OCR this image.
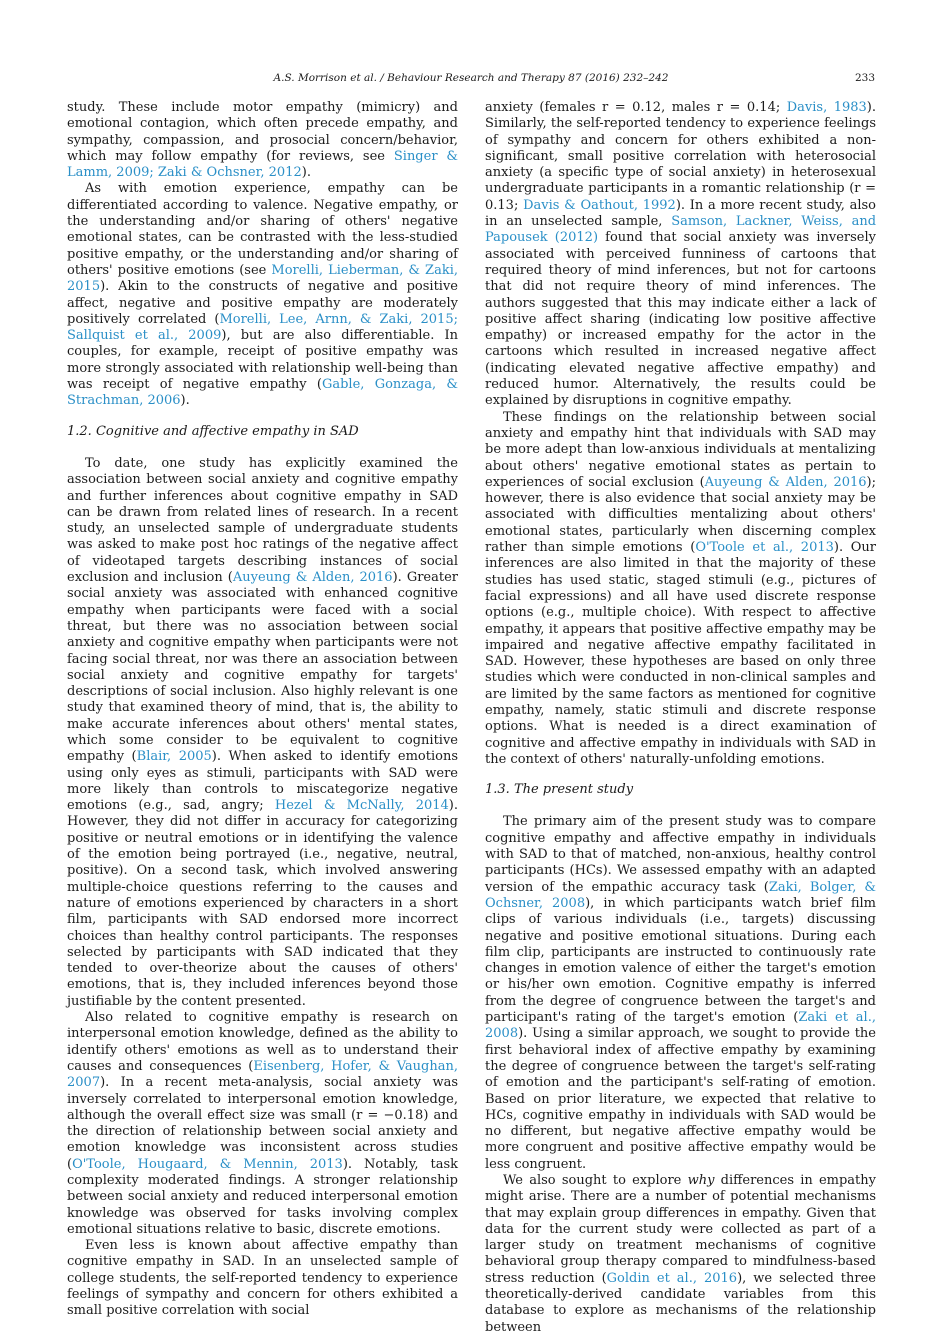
A.S. Morrison et al. / Behaviour Research and Therapy 87 (2016) 232–242	233

study. These include motor empathy (mimicry) and emotional contagion, which often precede empathy, and sympathy, compassion, and prosocial concern/behavior, which may follow empathy (for reviews, see Singer & Lamm, 2009; Zaki & Ochsner, 2012).

As with emotion experience, empathy can be differentiated according to valence. Negative empathy, or the understanding and/or sharing of others' negative emotional states, can be contrasted with the less-studied positive empathy, or the understanding and/or sharing of others' positive emotions (see Morelli, Lieberman, & Zaki, 2015). Akin to the constructs of negative and positive affect, negative and positive empathy are moderately positively correlated (Morelli, Lee, Arnn, & Zaki, 2015; Sallquist et al., 2009), but are also differentiable. In couples, for example, receipt of positive empathy was more strongly associated with relationship well-being than was receipt of negative empathy (Gable, Gonzaga, & Strachman, 2006).

1.2. Cognitive and affective empathy in SAD

To date, one study has explicitly examined the association between social anxiety and cognitive empathy and further inferences about cognitive empathy in SAD can be drawn from related lines of research. In a recent study, an unselected sample of undergraduate students was asked to make post hoc ratings of the negative affect of videotaped targets describing instances of social exclusion and inclusion (Auyeung & Alden, 2016). Greater social anxiety was associated with enhanced cognitive empathy when participants were faced with a social threat, but there was no association between social anxiety and cognitive empathy when participants were not facing social threat, nor was there an association between social anxiety and cognitive empathy for targets' descriptions of social inclusion. Also highly relevant is one study that examined theory of mind, that is, the ability to make accurate inferences about others' mental states, which some consider to be equivalent to cognitive empathy (Blair, 2005). When asked to identify emotions using only eyes as stimuli, participants with SAD were more likely than controls to miscategorize negative emotions (e.g., sad, angry; Hezel & McNally, 2014). However, they did not differ in accuracy for categorizing positive or neutral emotions or in identifying the valence of the emotion being portrayed (i.e., negative, neutral, positive). On a second task, which involved answering multiple-choice questions referring to the causes and nature of emotions experienced by characters in a short film, participants with SAD endorsed more incorrect choices than healthy control participants. The responses selected by participants with SAD indicated that they tended to over-theorize about the causes of others' emotions, that is, they included inferences beyond those justifiable by the content presented.

Also related to cognitive empathy is research on interpersonal emotion knowledge, defined as the ability to identify others' emotions as well as to understand their causes and consequences (Eisenberg, Hofer, & Vaughan, 2007). In a recent meta-analysis, social anxiety was inversely correlated to interpersonal emotion knowledge, although the overall effect size was small (r = −0.18) and the direction of relationship between social anxiety and emotion knowledge was inconsistent across studies (O'Toole, Hougaard, & Mennin, 2013). Notably, task complexity moderated findings. A stronger relationship between social anxiety and reduced interpersonal emotion knowledge was observed for tasks involving complex emotional situations relative to basic, discrete emotions.

Even less is known about affective empathy than cognitive empathy in SAD. In an unselected sample of college students, the self-reported tendency to experience feelings of sympathy and concern for others exhibited a small positive correlation with social

anxiety (females r = 0.12, males r = 0.14; Davis, 1983). Similarly, the self-reported tendency to experience feelings of sympathy and concern for others exhibited a non-significant, small positive correlation with heterosocial anxiety (a specific type of social anxiety) in heterosexual undergraduate participants in a romantic relationship (r = 0.13; Davis & Oathout, 1992). In a more recent study, also in an unselected sample, Samson, Lackner, Weiss, and Papousek (2012) found that social anxiety was inversely associated with perceived funniness of cartoons that required theory of mind inferences, but not for cartoons that did not require theory of mind inferences. The authors suggested that this may indicate either a lack of positive affect sharing (indicating low positive affective empathy) or increased empathy for the actor in the cartoons which resulted in increased negative affect (indicating elevated negative affective empathy) and reduced humor. Alternatively, the results could be explained by disruptions in cognitive empathy.

These findings on the relationship between social anxiety and empathy hint that individuals with SAD may be more adept than low-anxious individuals at mentalizing about others' negative emotional states as pertain to experiences of social exclusion (Auyeung & Alden, 2016); however, there is also evidence that social anxiety may be associated with difficulties mentalizing about others' emotional states, particularly when discerning complex rather than simple emotions (O'Toole et al., 2013). Our inferences are also limited in that the majority of these studies has used static, staged stimuli (e.g., pictures of facial expressions) and all have used discrete response options (e.g., multiple choice). With respect to affective empathy, it appears that positive affective empathy may be impaired and negative affective empathy facilitated in SAD. However, these hypotheses are based on only three studies which were conducted in non-clinical samples and are limited by the same factors as mentioned for cognitive empathy, namely, static stimuli and discrete response options. What is needed is a direct examination of cognitive and affective empathy in individuals with SAD in the context of others' naturally-unfolding emotions.

1.3. The present study

The primary aim of the present study was to compare cognitive empathy and affective empathy in individuals with SAD to that of matched, non-anxious, healthy control participants (HCs). We assessed empathy with an adapted version of the empathic accuracy task (Zaki, Bolger, & Ochsner, 2008), in which participants watch brief film clips of various individuals (i.e., targets) discussing negative and positive emotional situations. During each film clip, participants are instructed to continuously rate changes in emotion valence of either the target's emotion or his/her own emotion. Cognitive empathy is inferred from the degree of congruence between the target's and participant's rating of the target's emotion (Zaki et al., 2008). Using a similar approach, we sought to provide the first behavioral index of affective empathy by examining the degree of congruence between the target's self-rating of emotion and the participant's self-rating of emotion. Based on prior literature, we expected that relative to HCs, cognitive empathy in individuals with SAD would be no different, but negative affective empathy would be more congruent and positive affective empathy would be less congruent.

We also sought to explore why differences in empathy might arise. There are a number of potential mechanisms that may explain group differences in empathy. Given that data for the current study were collected as part of a larger study on treatment mechanisms of cognitive behavioral group therapy compared to mindfulness-based stress reduction (Goldin et al., 2016), we selected three theoretically-derived candidate variables from this database to explore as mechanisms of the relationship between
